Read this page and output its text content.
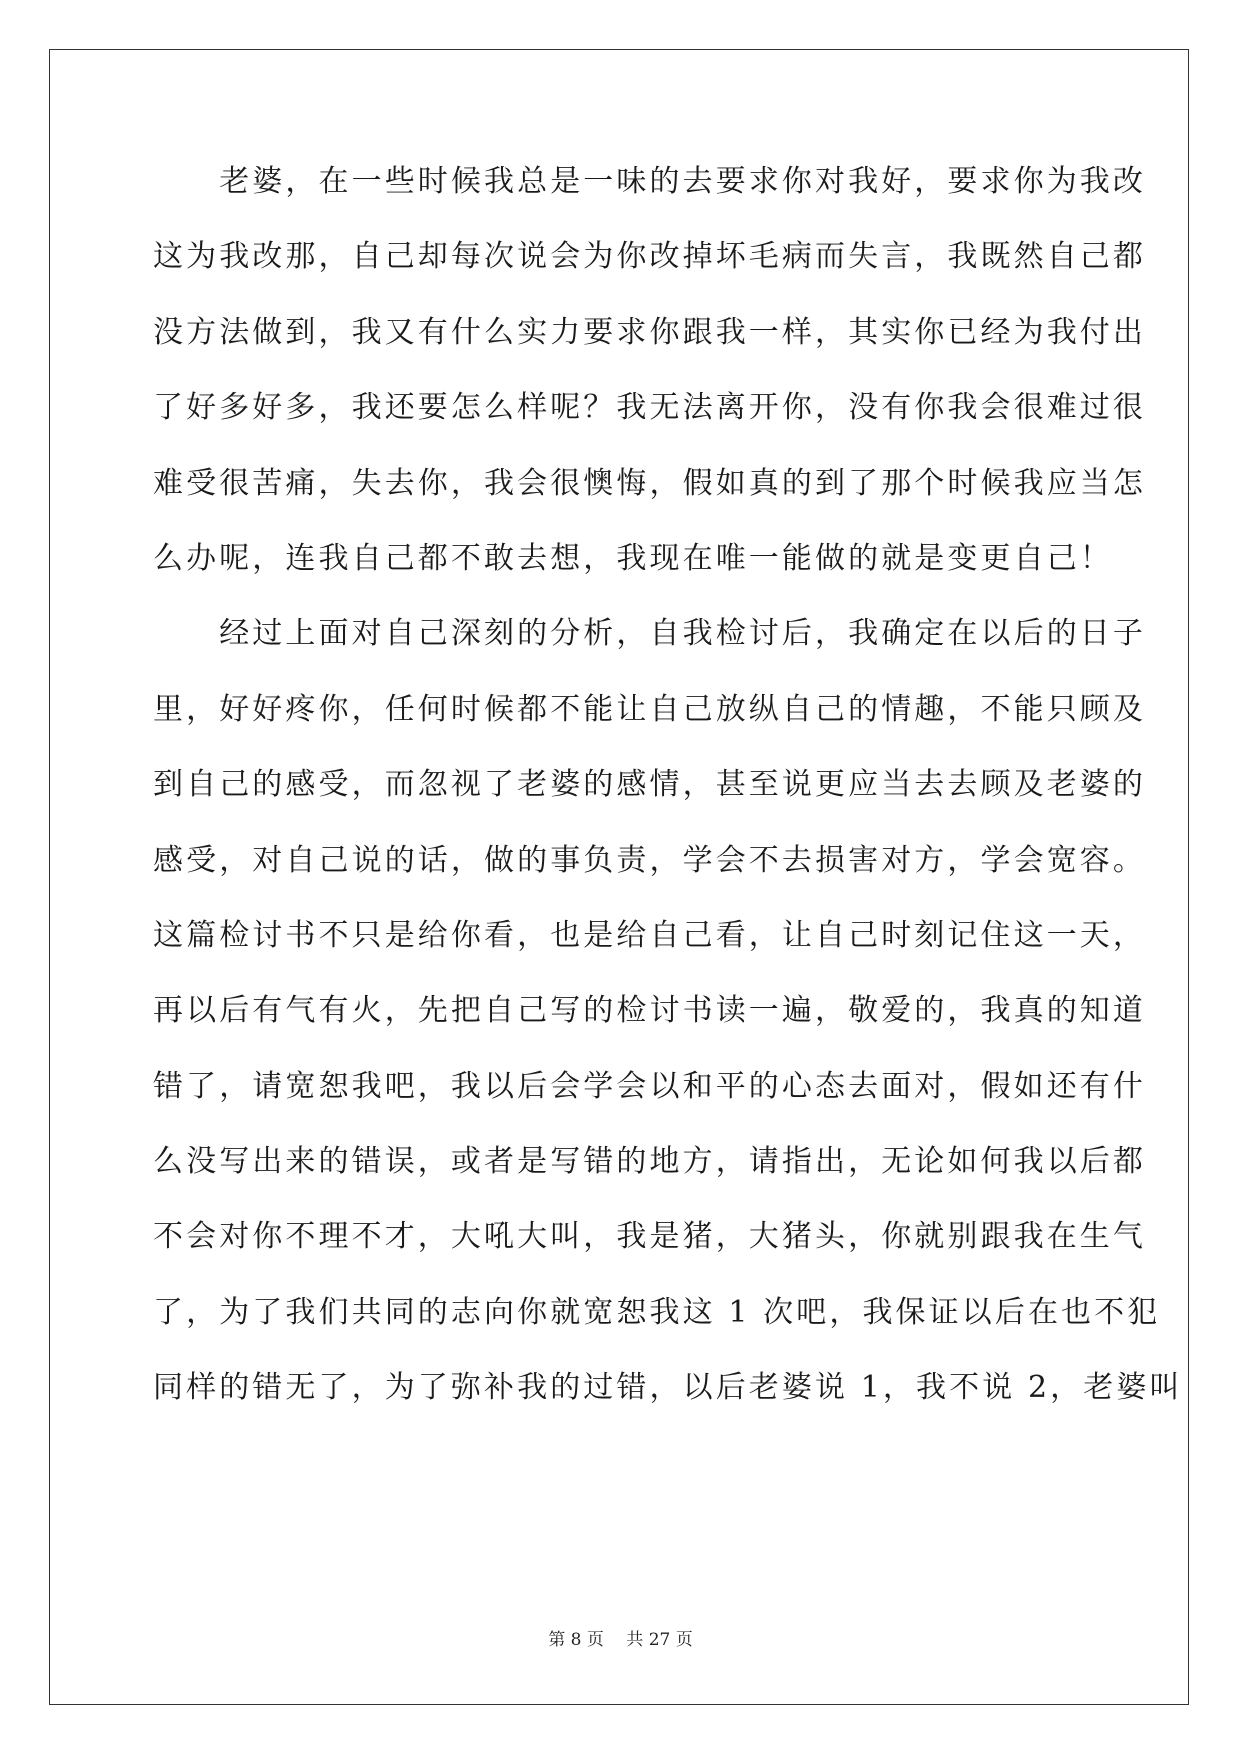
　　老婆，在一些时候我总是一味的去要求你对我好，要求你为我改
这为我改那，自己却每次说会为你改掉坏毛病而失言，我既然自己都
没方法做到，我又有什么实力要求你跟我一样，其实你已经为我付出
了好多好多，我还要怎么样呢？我无法离开你，没有你我会很难过很
难受很苦痛，失去你，我会很懊悔，假如真的到了那个时候我应当怎
么办呢，连我自己都不敢去想，我现在唯一能做的就是变更自己！
　　经过上面对自己深刻的分析，自我检讨后，我确定在以后的日子
里，好好疼你，任何时候都不能让自己放纵自己的情趣，不能只顾及
到自己的感受，而忽视了老婆的感情，甚至说更应当去去顾及老婆的
感受，对自己说的话，做的事负责，学会不去损害对方，学会宽容。
这篇检讨书不只是给你看，也是给自己看，让自己时刻记住这一天，
再以后有气有火，先把自己写的检讨书读一遍，敬爱的，我真的知道
错了，请宽恕我吧，我以后会学会以和平的心态去面对，假如还有什
么没写出来的错误，或者是写错的地方，请指出，无论如何我以后都
不会对你不理不才，大吼大叫，我是猪，大猪头，你就别跟我在生气
了，为了我们共同的志向你就宽恕我这 1 次吧，我保证以后在也不犯
同样的错无了，为了弥补我的过错，以后老婆说 1，我不说 2，老婆叫
第 8 页　 共 27 页
